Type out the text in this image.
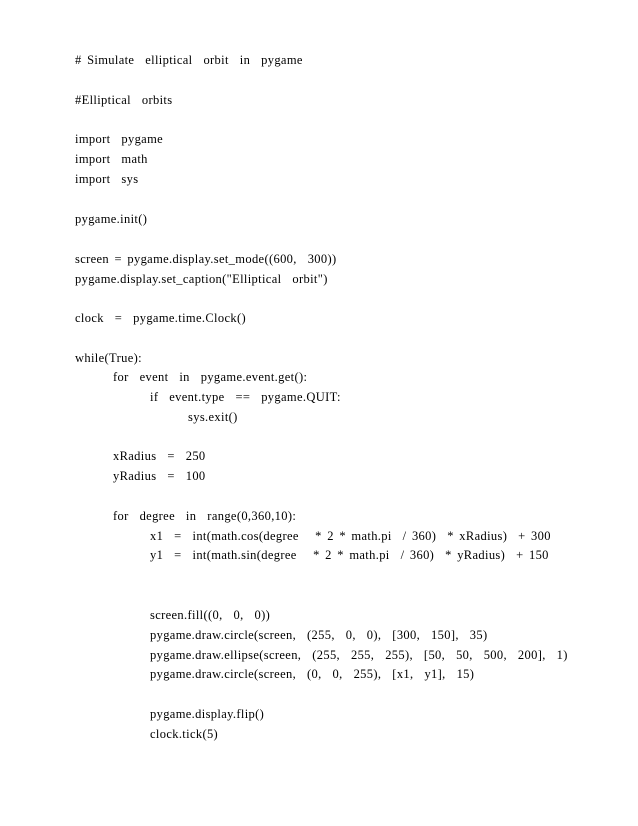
# Simulate  elliptical  orbit  in  pygame
#Elliptical  orbits
import  pygame
import  math
import  sys
pygame.init()
screen = pygame.display.set_mode((600,  300))
pygame.display.set_caption("Elliptical  orbit")
clock  =  pygame.time.Clock()
while(True):
for  event  in  pygame.event.get():
if  event.type  ==  pygame.QUIT:
sys.exit()
xRadius  =  250
yRadius  =  100
for  degree  in  range(0,360,10):
x1  =  int(math.cos(degree   * 2 * math.pi  / 360)  * xRadius)  + 300
y1  =  int(math.sin(degree   * 2 * math.pi  / 360)  * yRadius)  + 150
screen.fill((0,  0,  0))
pygame.draw.circle(screen,  (255,  0,  0),  [300,  150],  35)
pygame.draw.ellipse(screen,  (255,  255,  255),  [50,  50,  500,  200],  1)
pygame.draw.circle(screen,  (0,  0,  255),  [x1,  y1],  15)
pygame.display.flip()
clock.tick(5)
